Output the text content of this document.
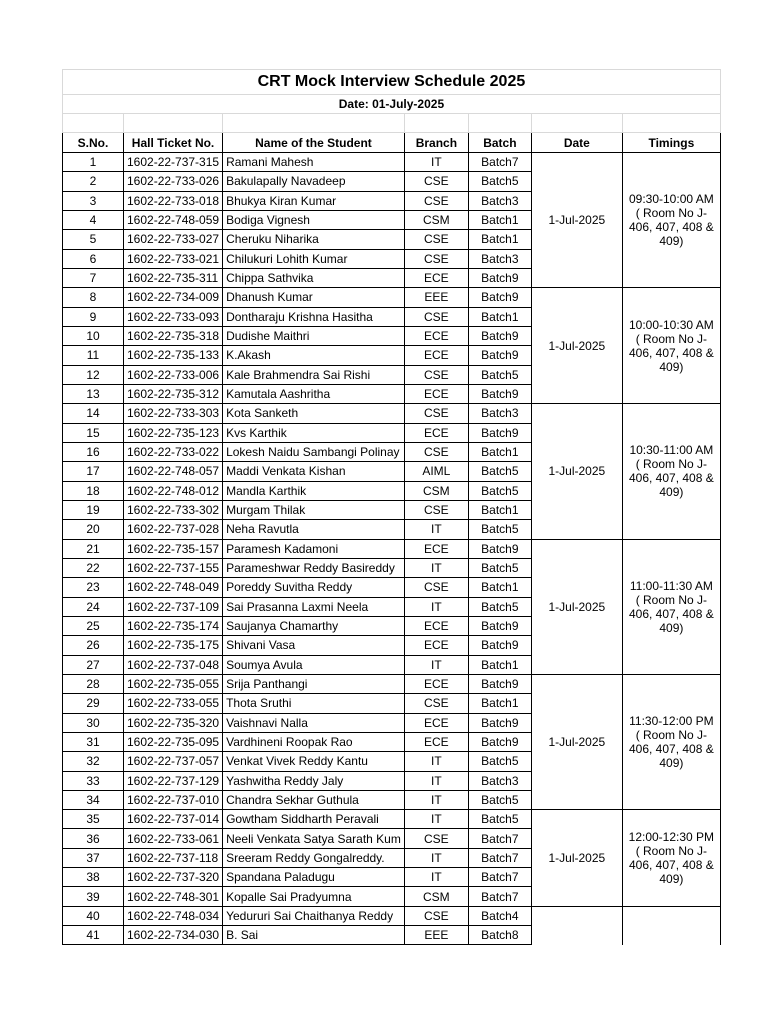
CRT Mock Interview Schedule 2025						
Date: 01-July-2025						

S.No.	Hall Ticket No.	Name of the Student	Branch	Batch	Date	Timings
1	1602-22-737-315	Ramani Mahesh	IT	Batch7	1-Jul-2025	09:30-10:00 AM
( Room No J-
406, 407, 408 &
409)

2	1602-22-733-026	Bakulapally Navadeep	CSE	Batch5		
3	1602-22-733-018	Bhukya Kiran Kumar	CSE	Batch3		
4	1602-22-748-059	Bodiga Vignesh	CSM	Batch1		
5	1602-22-733-027	Cheruku Niharika	CSE	Batch1		
6	1602-22-733-021	Chilukuri Lohith Kumar	CSE	Batch3		
7	1602-22-735-311	Chippa Sathvika	ECE	Batch9		
8	1602-22-734-009	Dhanush Kumar	EEE	Batch9	1-Jul-2025	10:00-10:30 AM
( Room No J-
406, 407, 408 &
409)

9	1602-22-733-093	Dontharaju Krishna Hasitha	CSE	Batch1		
10	1602-22-735-318	Dudishe Maithri	ECE	Batch9		
11	1602-22-735-133	K.Akash	ECE	Batch9		
12	1602-22-733-006	Kale Brahmendra Sai Rishi	CSE	Batch5		
13	1602-22-735-312	Kamutala Aashritha	ECE	Batch9		
14	1602-22-733-303	Kota Sanketh	CSE	Batch3	1-Jul-2025	10:30-11:00 AM
( Room No J-
406, 407, 408 &
409)

15	1602-22-735-123	Kvs Karthik	ECE	Batch9		
16	1602-22-733-022	Lokesh Naidu Sambangi Polinay	CSE	Batch1		
17	1602-22-748-057	Maddi Venkata Kishan	AIML	Batch5		
18	1602-22-748-012	Mandla Karthik	CSM	Batch5		
19	1602-22-733-302	Murgam Thilak	CSE	Batch1		
20	1602-22-737-028	Neha Ravutla	IT	Batch5		
21	1602-22-735-157	Paramesh Kadamoni	ECE	Batch9	1-Jul-2025	11:00-11:30 AM
( Room No J-
406, 407, 408 &
409)

22	1602-22-737-155	Parameshwar Reddy Basireddy	IT	Batch5		
23	1602-22-748-049	Poreddy Suvitha Reddy	CSE	Batch1		
24	1602-22-737-109	Sai Prasanna Laxmi Neela	IT	Batch5		
25	1602-22-735-174	Saujanya Chamarthy	ECE	Batch9		
26	1602-22-735-175	Shivani Vasa	ECE	Batch9		
27	1602-22-737-048	Soumya Avula	IT	Batch1		
28	1602-22-735-055	Srija Panthangi	ECE	Batch9	1-Jul-2025	11:30-12:00 PM
( Room No J-
406, 407, 408 &
409)

29	1602-22-733-055	Thota Sruthi	CSE	Batch1		
30	1602-22-735-320	Vaishnavi Nalla	ECE	Batch9		
31	1602-22-735-095	Vardhineni Roopak Rao	ECE	Batch9		
32	1602-22-737-057	Venkat Vivek Reddy Kantu	IT	Batch5		
33	1602-22-737-129	Yashwitha Reddy Jaly	IT	Batch3		
34	1602-22-737-010	Chandra Sekhar Guthula	IT	Batch5		
35	1602-22-737-014	Gowtham Siddharth Peravali	IT	Batch5	1-Jul-2025	12:00-12:30 PM
( Room No J-
406, 407, 408 &
409)

36	1602-22-733-061	Neeli Venkata Satya Sarath Kum	CSE	Batch7		
37	1602-22-737-118	Sreeram Reddy Gongalreddy.	IT	Batch7		
38	1602-22-737-320	Spandana Paladugu	IT	Batch7		
39	1602-22-748-301	Kopalle Sai Pradyumna	CSM	Batch7		
40	1602-22-748-034	Yedururi Sai Chaithanya Reddy	CSE	Batch4		

41	1602-22-734-030	B. Sai	EEE	Batch8		
